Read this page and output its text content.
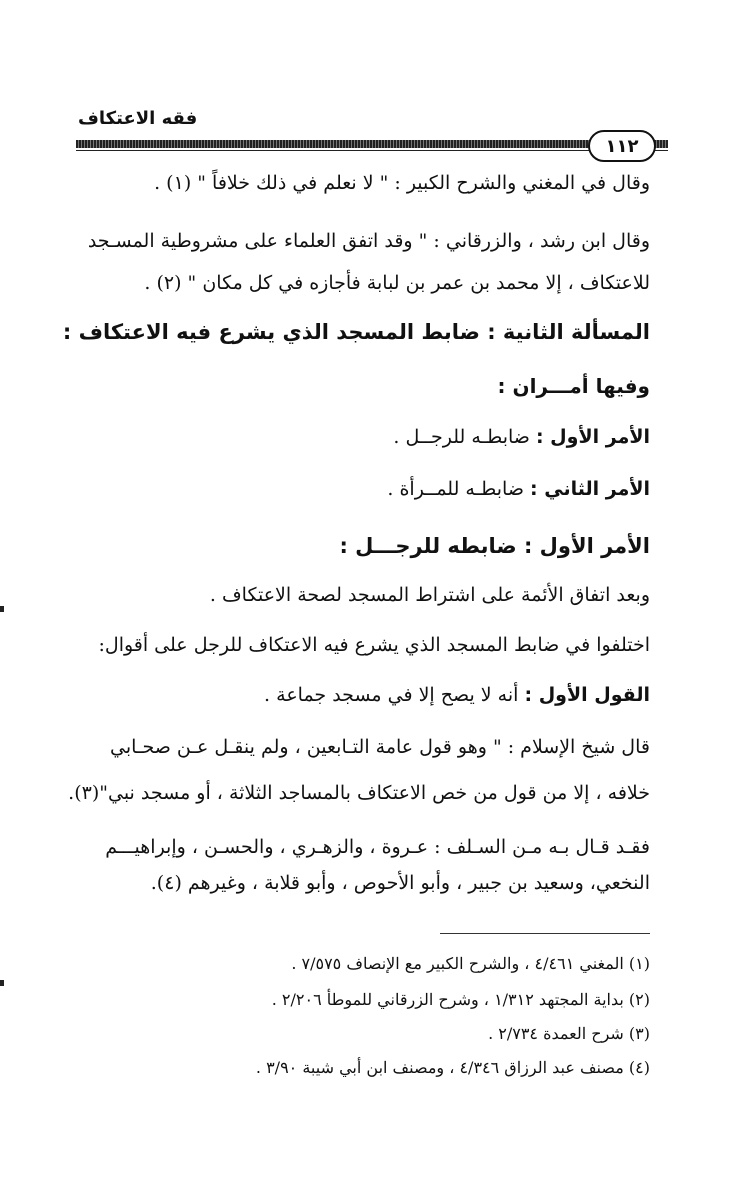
فقه الاعتكاف
١١٢
وقال في المغني والشرح الكبير : " لا نعلم في ذلك خلافاً " (١) .
وقال ابن رشد ، والزرقاني : " وقد اتفق العلماء على مشروطية المسـجد
للاعتكاف ، إلا محمد بن عمر بن لبابة فأجازه في كل مكان " (٢) .
المسألة الثانية : ضابط المسجد الذي يشرع فيه الاعتكاف :
وفيها أمـــران :
الأمر الأول : ضابطـه للرجــل .
الأمر الثاني : ضابطـه للمــرأة .
الأمر الأول : ضابطه للرجـــل :
وبعد اتفاق الأئمة على اشتراط المسجد لصحة الاعتكاف .
اختلفوا في ضابط المسجد الذي يشرع فيه الاعتكاف للرجل على أقوال:
القول الأول : أنه لا يصح إلا في مسجد جماعة .
قال شيخ الإسلام : " وهو قول عامة التـابعين ، ولم ينقـل عـن صحـابي
خلافه ، إلا من قول من خص الاعتكاف بالمساجد الثلاثة ، أو مسجد نبي"(٣).
فقـد قـال بـه مـن السـلف : عـروة ، والزهـري ، والحسـن ، وإبراهيـــم
النخعي، وسعيد بن جبير ، وأبو الأحوص ، وأبو قلابة ، وغيرهم (٤).
(١) المغني ٤/٤٦١ ، والشرح الكبير مع الإنصاف ٧/٥٧٥ .
(٢) بداية المجتهد ١/٣١٢ ، وشرح الزرقاني للموطأ ٢/٢٠٦ .
(٣) شرح العمدة ٢/٧٣٤ .
(٤) مصنف عبد الرزاق ٤/٣٤٦ ، ومصنف ابن أبي شيبة ٣/٩٠ .
